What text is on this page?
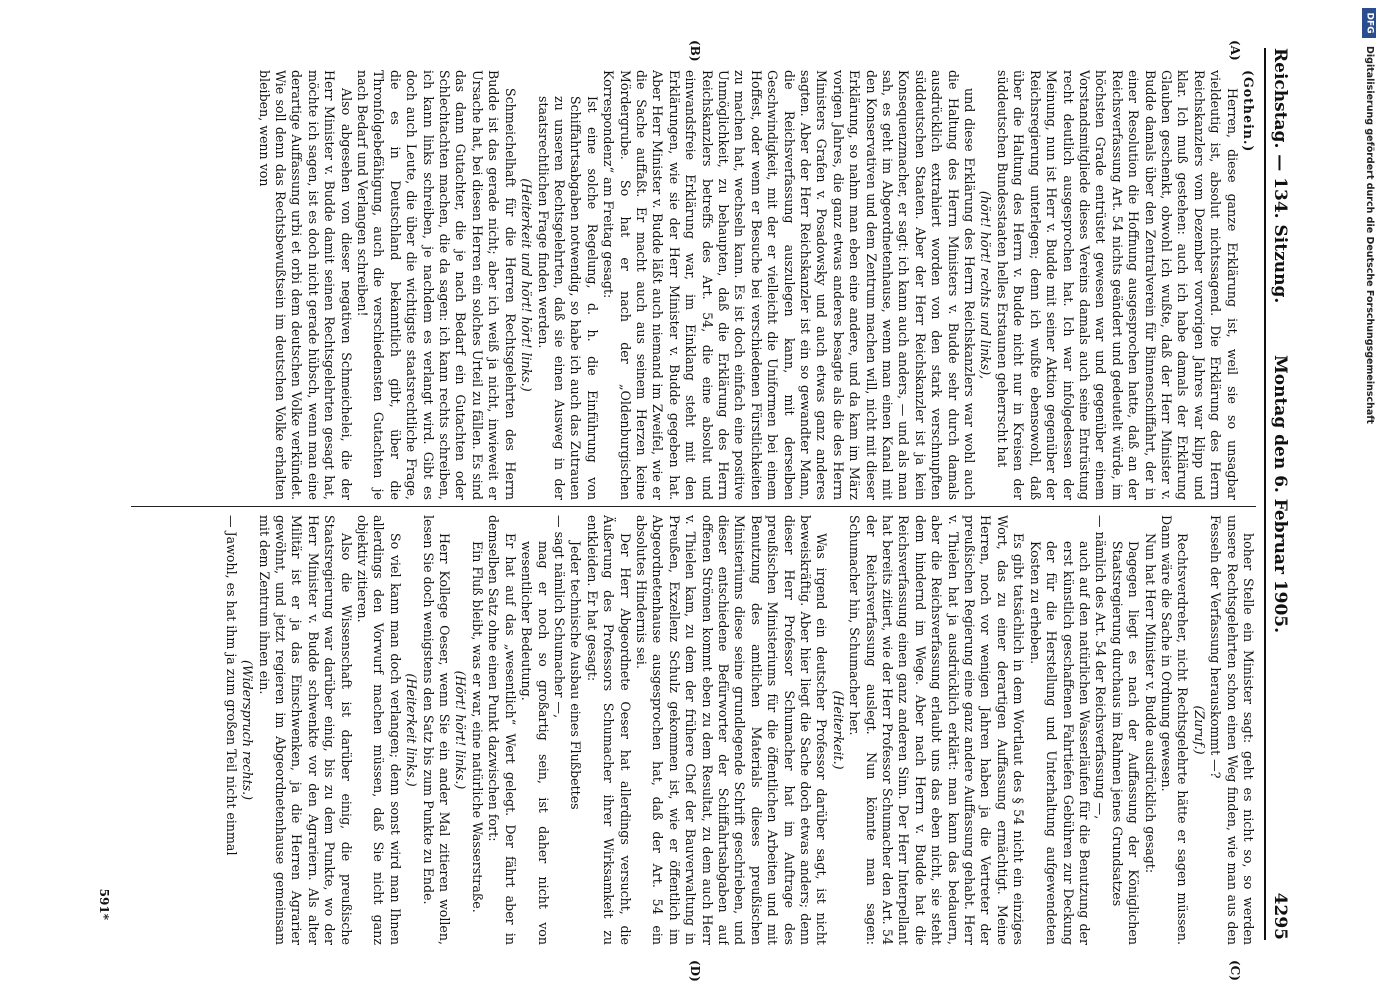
Reichstag. — 134. Sitzung.
Montag den 6. Februar 1905.
4295
(A)
(B)
(C)
(D)

(Gothein.)

Herren, diese ganze Erklärung ist, weil sie so unsagbar vieldeutig ist, absolut nichtssagend. Die Erklärung des Herrn Reichskanzlers vom Dezember vorvorigen Jahres war klipp und klar. Ich muß gestehen: auch ich habe damals der Erklärung Glauben geschenkt, obwohl ich wußte, daß der Herr Minister v. Budde damals über den Zentralverein für Binnenschiffahrt, der in einer Resolution die Hoffnung ausgesprochen hatte, daß an der Reichsverfassung Art. 54 nichts geändert und gedeutelt würde, im höchsten Grade entrüstet gewesen war und gegenüber einem Vorstandsmitgliede dieses Vereins damals auch seine Entrüstung recht deutlich ausgesprochen hat. Ich war infolgedessen der Meinung, nun ist Herr v. Budde mit seiner Aktion gegenüber der Reichsregierung unterlegen; denn ich wußte ebensowohl, daß über die Haltung des Herrn v. Budde nicht nur in Kreisen der süddeutschen Bundesstaaten helles Erstaunen geherrscht hat

(hört! hört! rechts und links),

und diese Erklärung des Herrn Reichskanzlers war wohl auch die Haltung des Herrn Ministers v. Budde sehr durch damals ausdrücklich extrahiert worden von den stark verschnupften süddeutschen Staaten. Aber der Herr Reichskanzler ist ja kein Konsequenzmacher, er sagt: ich kann auch anders, — und als man sah, es geht im Abgeordnetenhause, wenn man einen Kanal mit den Konservativen und dem Zentrum machen will, nicht mit dieser Erklärung, so nahm man eben eine andere, und da kam im März vorigen Jahres, die ganz etwas anderes besagte als die des Herrn Ministers Grafen v. Posadowsky und auch etwas ganz anderes sagten. Aber der Herr Reichskanzler ist ein so gewandter Mann, die Reichsverfassung auszulegen kann, mit derselben Geschwindigkeit, mit der er vielleicht die Uniformen bei einem Hoffest, oder wenn er Besuche bei verschiedenen Fürstlichkeiten zu machen hat, wechseln kann. Es ist doch einfach eine positive Unmöglichkeit, zu behaupten, daß die Erklärung des Herrn Reichskanzlers betreffs des Art. 54, die eine absolut und einwandsfreie Erklärung war, im Einklang steht mit den Erklärungen, wie sie der Herr Minister v. Budde gegeben hat. Aber Herr Minister v. Budde läßt auch niemand im Zweifel, wie er die Sache auffaßt. Er macht auch aus seinem Herzen keine Mördergrube. So hat er nach der „Oldenburgischen Korrespondenz“ am Freitag gesagt:

Ist eine solche Regelung, d. h. die Einführung von Schiffahrtsabgaben notwendig, so habe ich auch das Zutrauen zu unseren Rechtsgelehrten, daß sie einen Ausweg in der staatsrechtlichen Frage finden werden.

(Heiterkeit und hört! hört! links.)

Schmeichelhaft für die Herren Rechtsgelehrten des Herrn Budde ist das gerade nicht; aber ich weiß ja nicht, inwieweit er Ursache hat, bei diesen Herren ein solches Urteil zu fällen. Es sind das dann Gutachter, die je nach Bedarf ein Gutachten oder Schlechtachten machen, die da sagen: ich kann rechts schreiben, ich kann links schreiben, je nachdem es verlangt wird. Gibt es doch auch Leute, die über die wichtigste staatsrechtliche Frage, die es in Deutschland bekanntlich gibt, über die Thronfolgebefähigung, auch die verschiedensten Gutachten je nach Bedarf und Verlangen schreiben!

Also abgesehen von dieser negativen Schmeichelei, die der Herr Minister v. Budde damit seinen Rechtsgelehrten gesagt hat, möchte ich sagen, ist es doch nicht gerade hübsch, wenn man eine derartige Auffassung urbi et orbi dem deutschen Volke verkündet. Wie soll denn das Rechtsbewußtsein im deutschen Volke erhalten bleiben, wenn von

hoher Stelle ein Minister sagt: geht es nicht so, so werden unsere Rechtsgelehrten schon einen Weg finden, wie man aus den Fesseln der Verfassung herauskommt —?

(Zuruf.)

Rechtsverdreher, nicht Rechtsgelehrte hätte er sagen müssen. Dann wäre die Sache in Ordnung gewesen.

Nun hat Herr Minister v. Budde ausdrücklich gesagt:

Dagegen liegt es nach der Auffassung der Königlichen Staatsregierung durchaus im Rahmen jenes Grundsatzes

— nämlich des Art. 54 der Reichsverfassung —,

auch auf den natürlichen Wasserläufen für die Benutzung der erst künstlich geschaffenen Fahrtiefen Gebühren zur Deckung der für die Herstellung und Unterhaltung aufgewendeten Kosten zu erheben.

Es gibt tatsächlich in dem Wortlaut des § 54 nicht ein einziges Wort, das zu einer derartigen Auffassung ermächtigt. Meine Herren, noch vor wenigen Jahren haben ja die Vertreter der preußischen Regierung eine ganz andere Auffassung gehabt. Herr v. Thielen hat ja ausdrücklich erklärt: man kann das bedauern, aber die Reichsverfassung erlaubt uns das eben nicht, sie steht dem hindernd im Wege. Aber nach Herrn v. Budde hat die Reichsverfassung einen ganz anderen Sinn. Der Herr Interpellant hat bereits zitiert, wie der Herr Professor Schumacher den Art. 54 der Reichsverfassung auslegt. Nun könnte man sagen: Schumacher hin, Schumacher her.

(Heiterkeit.)

Was irgend ein deutscher Professor darüber sagt, ist nicht beweiskräftig. Aber hier liegt die Sache doch etwas anders; denn dieser Herr Professor Schumacher hat im Auftrage des preußischen Ministeriums für die öffentlichen Arbeiten und mit Benutzung des amtlichen Materials dieses preußischen Ministeriums diese seine grundlegende Schrift geschrieben, und dieser entschiedene Befürworter der Schiffahrtsabgaben auf offenen Strömen kommt eben zu dem Resultat, zu dem auch Herr v. Thielen kam, zu dem der frühere Chef der Bauverwaltung in Preußen, Exzellenz Schulz gekommen ist, wie er öffentlich im Abgeordnetenhause ausgesprochen hat, daß der Art. 54 ein absolutes Hindernis sei.

Der Herr Abgeordnete Oeser hat allerdings versucht, die Äußerung des Professors Schumacher ihrer Wirksamkeit zu entkleiden. Er hat gesagt:

Jeder technische Ausbau eines Flußbettes

— sagt nämlich Schumacher —,

mag er noch so großartig sein, ist daher nicht von wesentlicher Bedeutung.

Er hat auf das „wesentlich“ Wert gelegt. Der fährt aber in demselben Satz ohne einen Punkt dazwischen fort:

Ein Fluß bleibt, was er war, eine natürliche Wasserstraße.

(Hört! hört! links.)

Herr Kollege Oeser, wenn Sie ein ander Mal zitieren wollen, lesen Sie doch wenigstens den Satz bis zum Punkte zu Ende.

(Heiterkeit links.)

So viel kann man doch verlangen; denn sonst wird man Ihnen allerdings den Vorwurf machen müssen, daß Sie nicht ganz objektiv zitieren.

Also die Wissenschaft ist darüber einig, die preußische Staatsregierung war darüber einig, bis zu dem Punkte, wo der Herr Minister v. Budde schwenkte vor den Agrariern. Als alter Militär ist er ja das Einschwenken, ja die Herren Agrarier gewöhnt, und jetzt regieren im Abgeordnetenhause gemeinsam mit dem Zentrum ihnen ein.

(Widerspruch rechts.)

— Jawohl, es hat ihm ja zum großen Teil nicht einmal

591*
DFG
Digitalisierung gefördert durch die Deutsche Forschungsgemeinschaft
